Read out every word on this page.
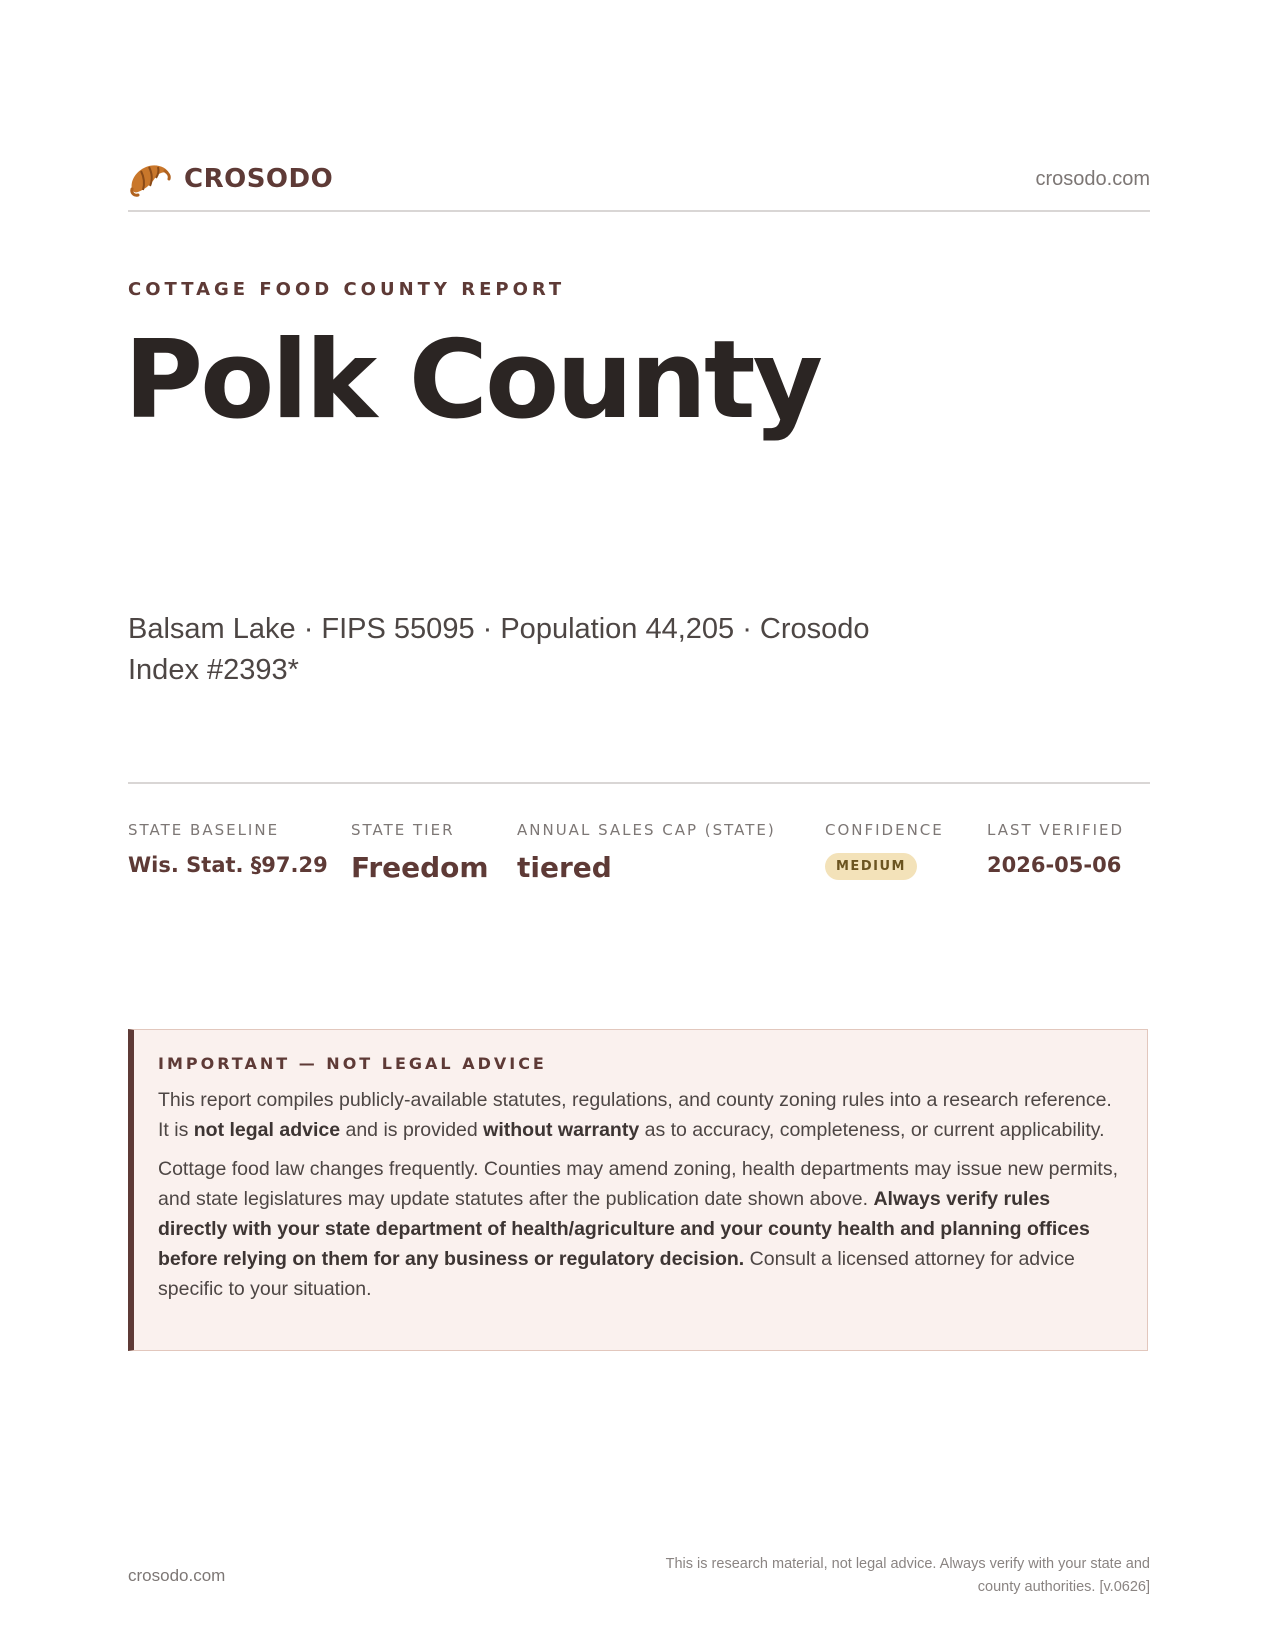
CROSODO	crosodo.com
COTTAGE FOOD COUNTY REPORT
Polk County
Balsam Lake · FIPS 55095 · Population 44,205 · Crosodo Index #2393*
STATE BASELINE
Wis. Stat. §97.29
STATE TIER
Freedom
ANNUAL SALES CAP (STATE)
tiered
CONFIDENCE
MEDIUM
LAST VERIFIED
2026-05-06
IMPORTANT — NOT LEGAL ADVICE

This report compiles publicly-available statutes, regulations, and county zoning rules into a research reference. It is not legal advice and is provided without warranty as to accuracy, completeness, or current applicability.

Cottage food law changes frequently. Counties may amend zoning, health departments may issue new permits, and state legislatures may update statutes after the publication date shown above. Always verify rules directly with your state department of health/agriculture and your county health and planning offices before relying on them for any business or regulatory decision. Consult a licensed attorney for advice specific to your situation.

crosodo.com
This is research material, not legal advice. Always verify with your state and county authorities. [v.0626]
